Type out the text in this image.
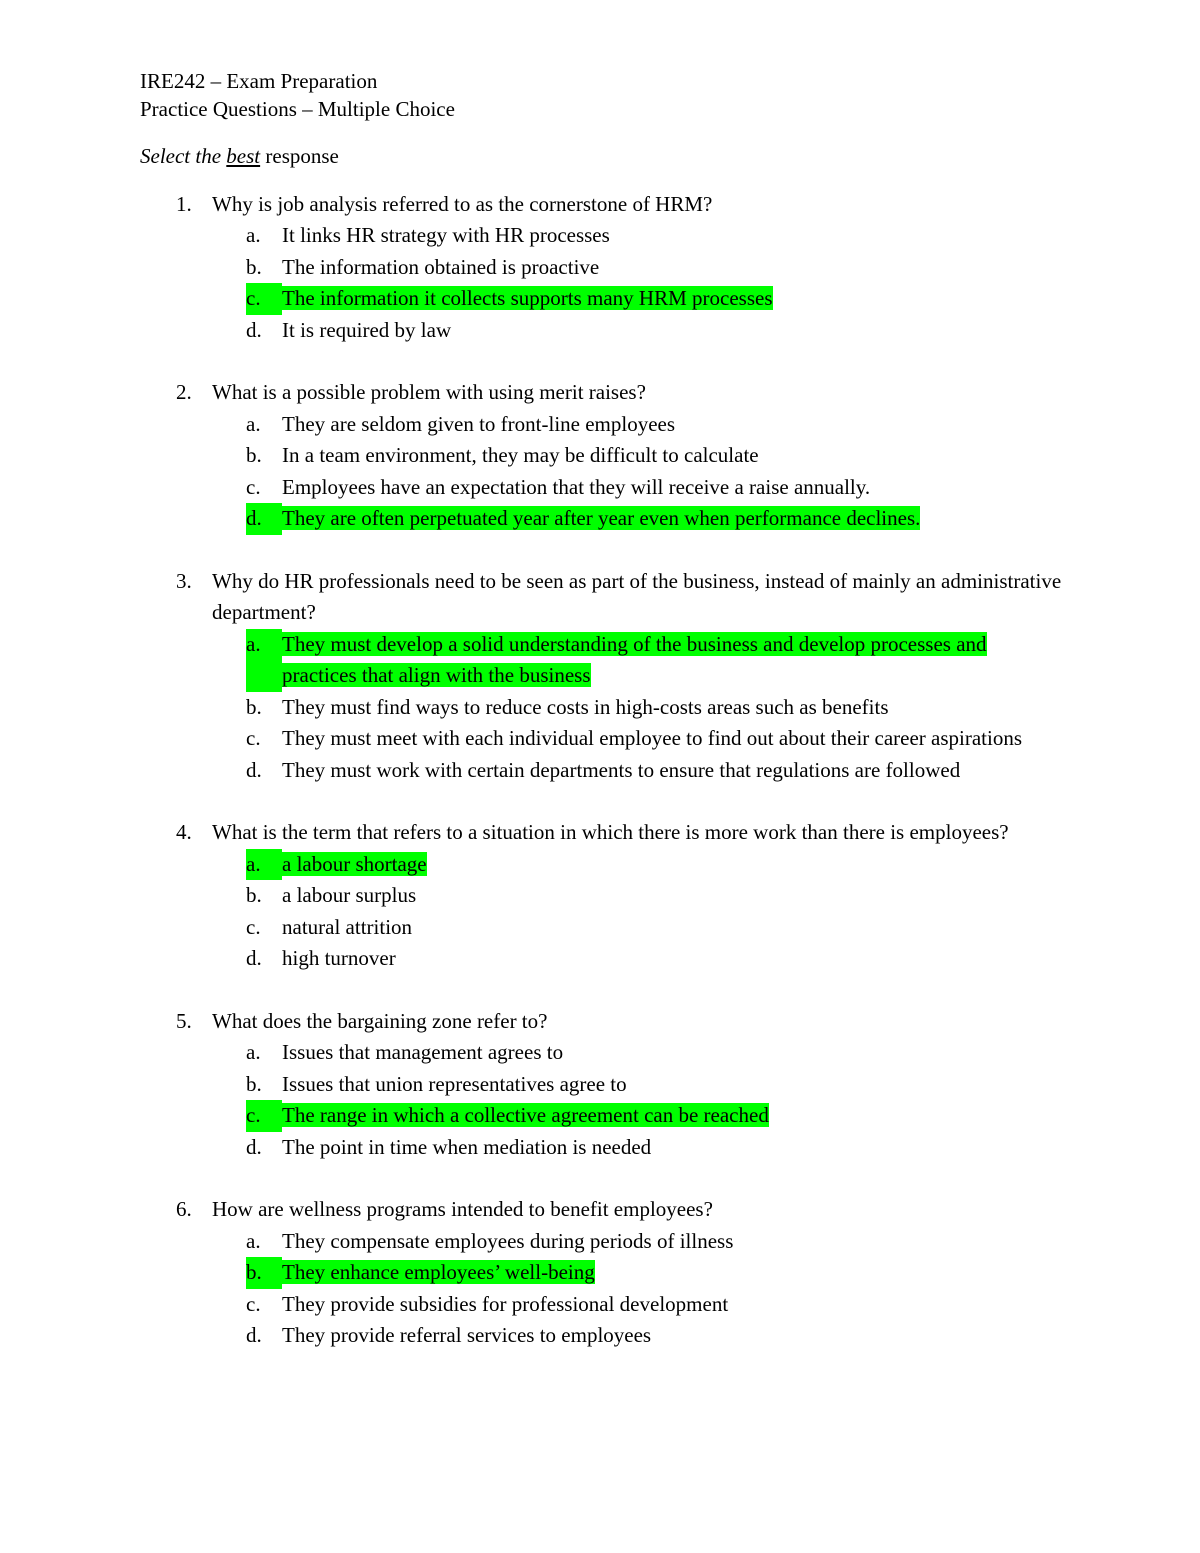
IRE242 – Exam Preparation

Practice Questions – Multiple Choice

Select the best response

1. Why is job analysis referred to as the cornerstone of HRM?

a.	It links HR strategy with HR processes
b. The information obtained is proactive
c.	The information it collects supports many HRM processes
d. It is required by law
2. What is a possible problem with using merit raises?

a.	They are seldom given to front-line employees
b. In a team environment, they may be difficult to calculate
c.	Employees have an expectation that they will receive a raise annually.
d. They are often perpetuated year after year even when performance declines.
3. Why do HR professionals need to be seen as part of the business, instead of mainly an administrative department?

a.	They must develop a solid understanding of the business and develop processes and practices that align with the business
b. They must find ways to reduce costs in high-costs areas such as benefits
c.	They must meet with each individual employee to find out about their career aspirations
d. They must work with certain departments to ensure that regulations are followed
4. What is the term that refers to a situation in which there is more work than there is employees?

a.	a labour shortage
b. a labour surplus
c.	natural attrition
d. high turnover
5. What does the bargaining zone refer to?

a.	Issues that management agrees to
b. Issues that union representatives agree to
c.	The range in which a collective agreement can be reached
d. The point in time when mediation is needed
6. How are wellness programs intended to benefit employees?

a.	They compensate employees during periods of illness
b. They enhance employees’ well-being
c.	They provide subsidies for professional development
d. They provide referral services to employees
